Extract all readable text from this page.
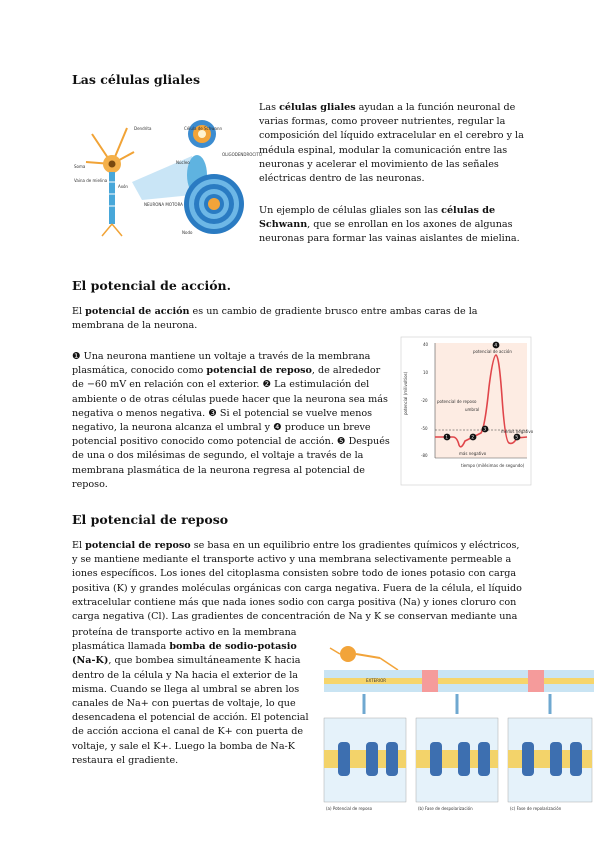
Las células gliales
Dendrita
Soma
Núcleo
Axón
Vaina de mielina
Célula de Schwann
Nodo
OLIGODENDROCITO
NEURONA MOTORA

Las células gliales ayudan a la función neuronal de varias formas, como proveer nutrientes, regular la composición del líquido extracelular en el cerebro y la médula espinal, modular la comunicación entre las neuronas y acelerar el movimiento de las señales eléctricas dentro de las neuronas.

Un ejemplo de células gliales son las células de Schwann, que se enrollan en los axones de algunas neuronas para formar las vainas aislantes de mielina.

El potencial de acción.

El potencial de acción es un cambio de gradiente brusco entre ambas caras de la membrana de la neurona.

❶ Una neurona mantiene un voltaje a través de la membrana plasmática, conocido como potencial de reposo, de alrededor de −60 mV en relación con el exterior. ❷ La estimulación del ambiente o de otras células puede hacer que la neurona sea más negativa o menos negativa. ❸ Si el potencial se vuelve menos negativo, la neurona alcanza el umbral y ❹ produce un breve potencial positivo conocido como potencial de acción. ❺ Después de una o dos milésimas de segundo, el voltaje a través de la membrana plasmática de la neurona regresa al potencial de reposo.

40
10
-20
-50
-80
potencial (milivoltios)
1	2
3
4
5
potencial de acción
potencial de reposo
umbral
más negativo
menos negativo
tiempo (milésimas de segundo)
El potencial de reposo

El potencial de reposo se basa en un equilibrio entre los gradientes químicos y eléctricos, y se mantiene mediante el transporte activo y una membrana selectivamente permeable a iones específicos. Los iones del citoplasma consisten sobre todo de iones potasio con carga positiva (K) y grandes moléculas orgánicas con carga negativa. Fuera de la célula, el líquido extracelular contiene más que nada iones sodio con carga positiva (Na) y iones cloruro con carga negativa (Cl). Las gradientes de concentración de Na y K se conservan mediante una

proteína de transporte activo en la membrana plasmática llamada bomba de sodio-potasio (Na-K), que bombea simultáneamente K hacia dentro de la célula y Na hacia el exterior de la misma. Cuando se llega al umbral se abren los canales de Na+ con puertas de voltaje, lo que desencadena el potencial de acción. El potencial de acción acciona el canal de K+ con puerta de voltaje, y sale el K+. Luego la bomba de Na-K restaura el gradiente.

EXTERIOR
(a) Potencial de reposo	(b) Fase de despolarización	(c) Fase de repolarización
